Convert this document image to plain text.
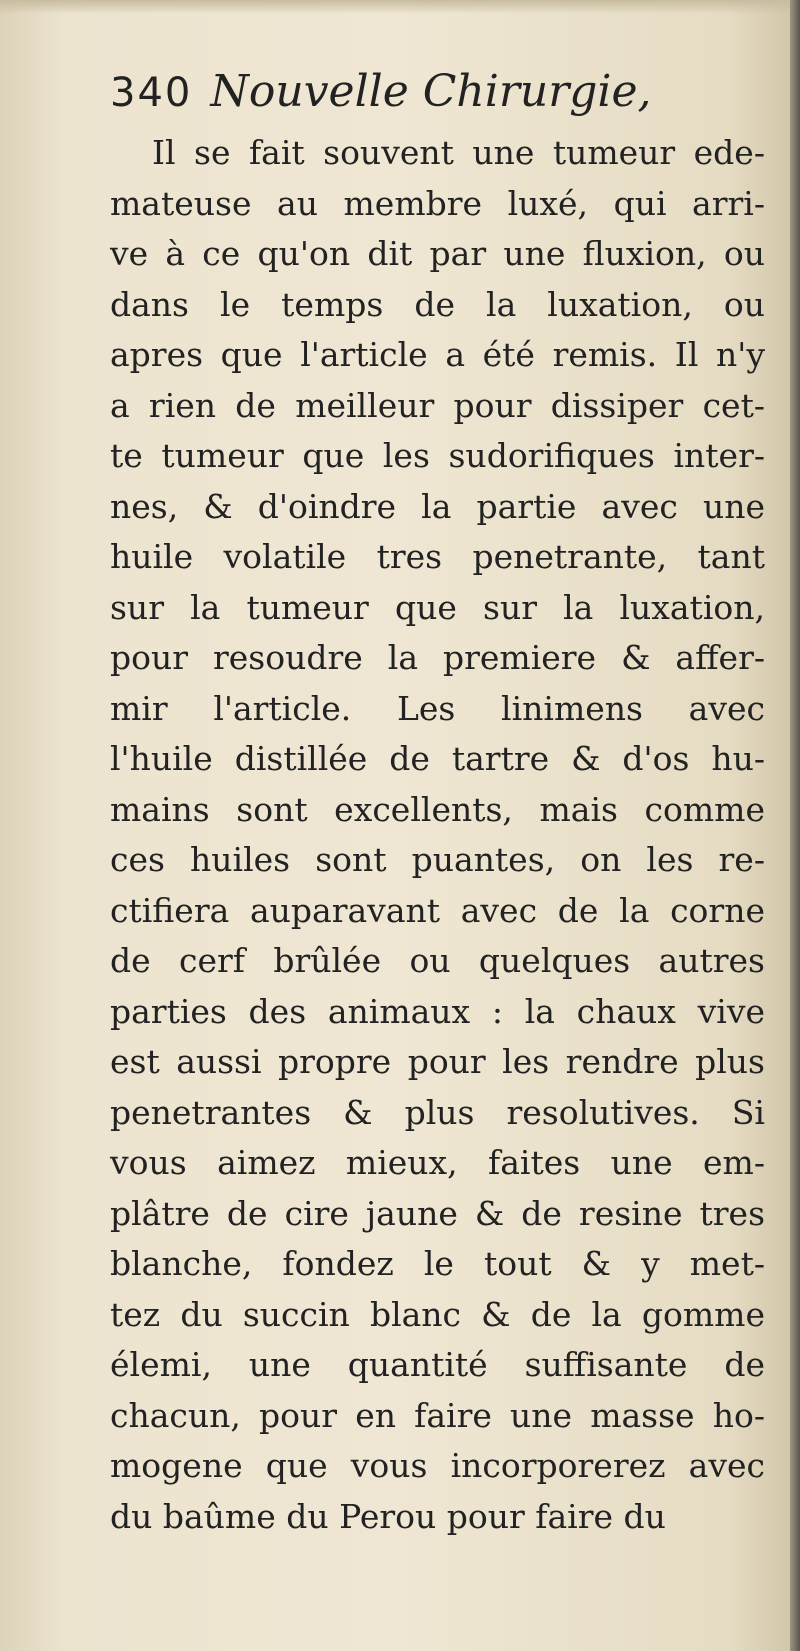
340 Nouvelle Chirurgie,
Il se fait souvent une tumeur ede-
mateuse au membre luxé, qui arri-
ve à ce qu'on dit par une fluxion, ou
dans le temps de la luxation, ou
apres que l'article a été remis. Il n'y
a rien de meilleur pour dissiper cet-
te tumeur que les sudorifiques inter-
nes, & d'oindre la partie avec une
huile volatile tres penetrante, tant
sur la tumeur que sur la luxation,
pour resoudre la premiere & affer-
mir l'article. Les linimens avec
l'huile distillée de tartre & d'os hu-
mains sont excellents, mais comme
ces huiles sont puantes, on les re-
ctifiera auparavant avec de la corne
de cerf brûlée ou quelques autres
parties des animaux : la chaux vive
est aussi propre pour les rendre plus
penetrantes & plus resolutives. Si
vous aimez mieux, faites une em-
plâtre de cire jaune & de resine tres
blanche, fondez le tout & y met-
tez du succin blanc & de la gomme
élemi, une quantité suffisante de
chacun, pour en faire une masse ho-
mogene que vous incorporerez avec
du baûme du Perou pour faire du
